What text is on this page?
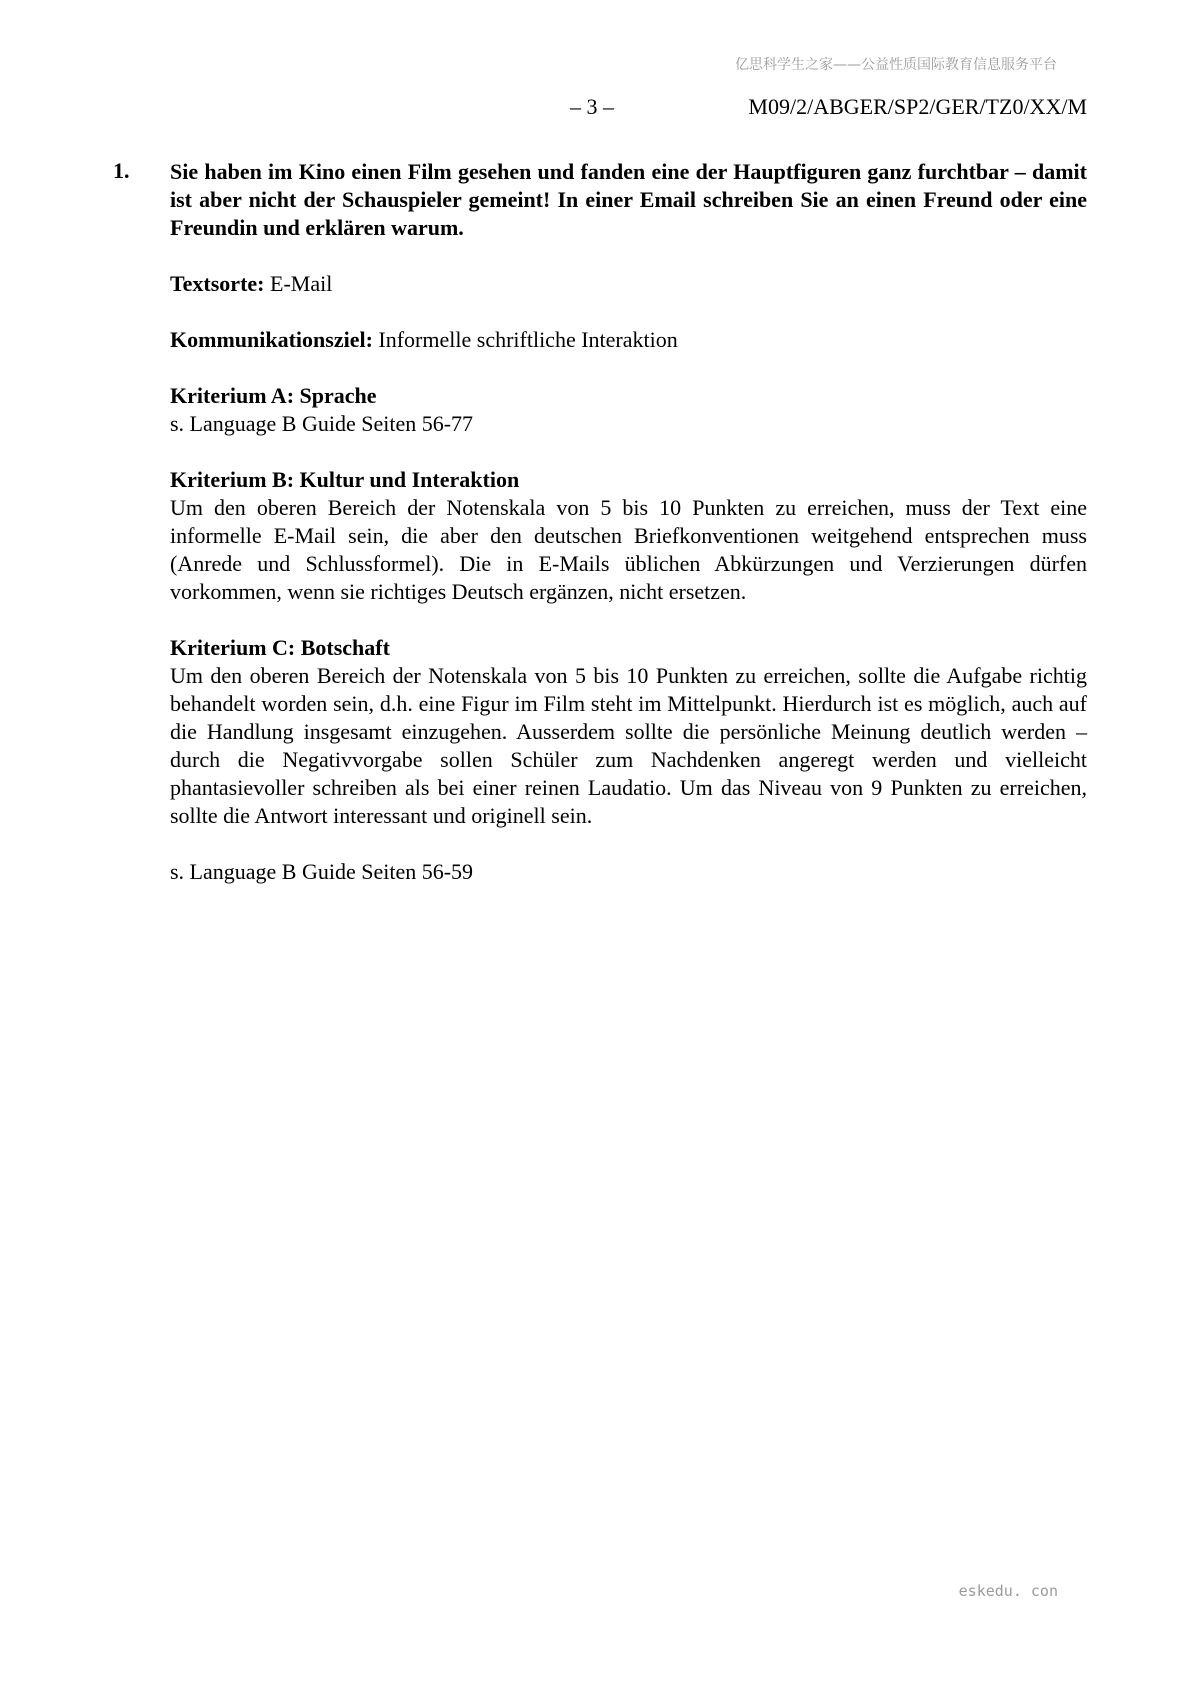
亿思科学生之家——公益性质国际教育信息服务平台
– 3 –	M09/2/ABGER/SP2/GER/TZ0/XX/M
1. Sie haben im Kino einen Film gesehen und fanden eine der Hauptfiguren ganz furchtbar – damit ist aber nicht der Schauspieler gemeint! In einer Email schreiben Sie an einen Freund oder eine Freundin und erklären warum.

Textsorte: E-Mail

Kommunikationsziel: Informelle schriftliche Interaktion

Kriterium A: Sprache
s. Language B Guide Seiten 56-77

Kriterium B: Kultur und Interaktion
Um den oberen Bereich der Notenskala von 5 bis 10 Punkten zu erreichen, muss der Text eine informelle E-Mail sein, die aber den deutschen Briefkonventionen weitgehend entsprechen muss (Anrede und Schlussformel). Die in E-Mails üblichen Abkürzungen und Verzierungen dürfen vorkommen, wenn sie richtiges Deutsch ergänzen, nicht ersetzen.

Kriterium C: Botschaft
Um den oberen Bereich der Notenskala von 5 bis 10 Punkten zu erreichen, sollte die Aufgabe richtig behandelt worden sein, d.h. eine Figur im Film steht im Mittelpunkt. Hierdurch ist es möglich, auch auf die Handlung insgesamt einzugehen. Ausserdem sollte die persönliche Meinung deutlich werden – durch die Negativvorgabe sollen Schüler zum Nachdenken angeregt werden und vielleicht phantasievoller schreiben als bei einer reinen Laudatio. Um das Niveau von 9 Punkten zu erreichen, sollte die Antwort interessant und originell sein.

s. Language B Guide Seiten 56-59

eskedu. con
